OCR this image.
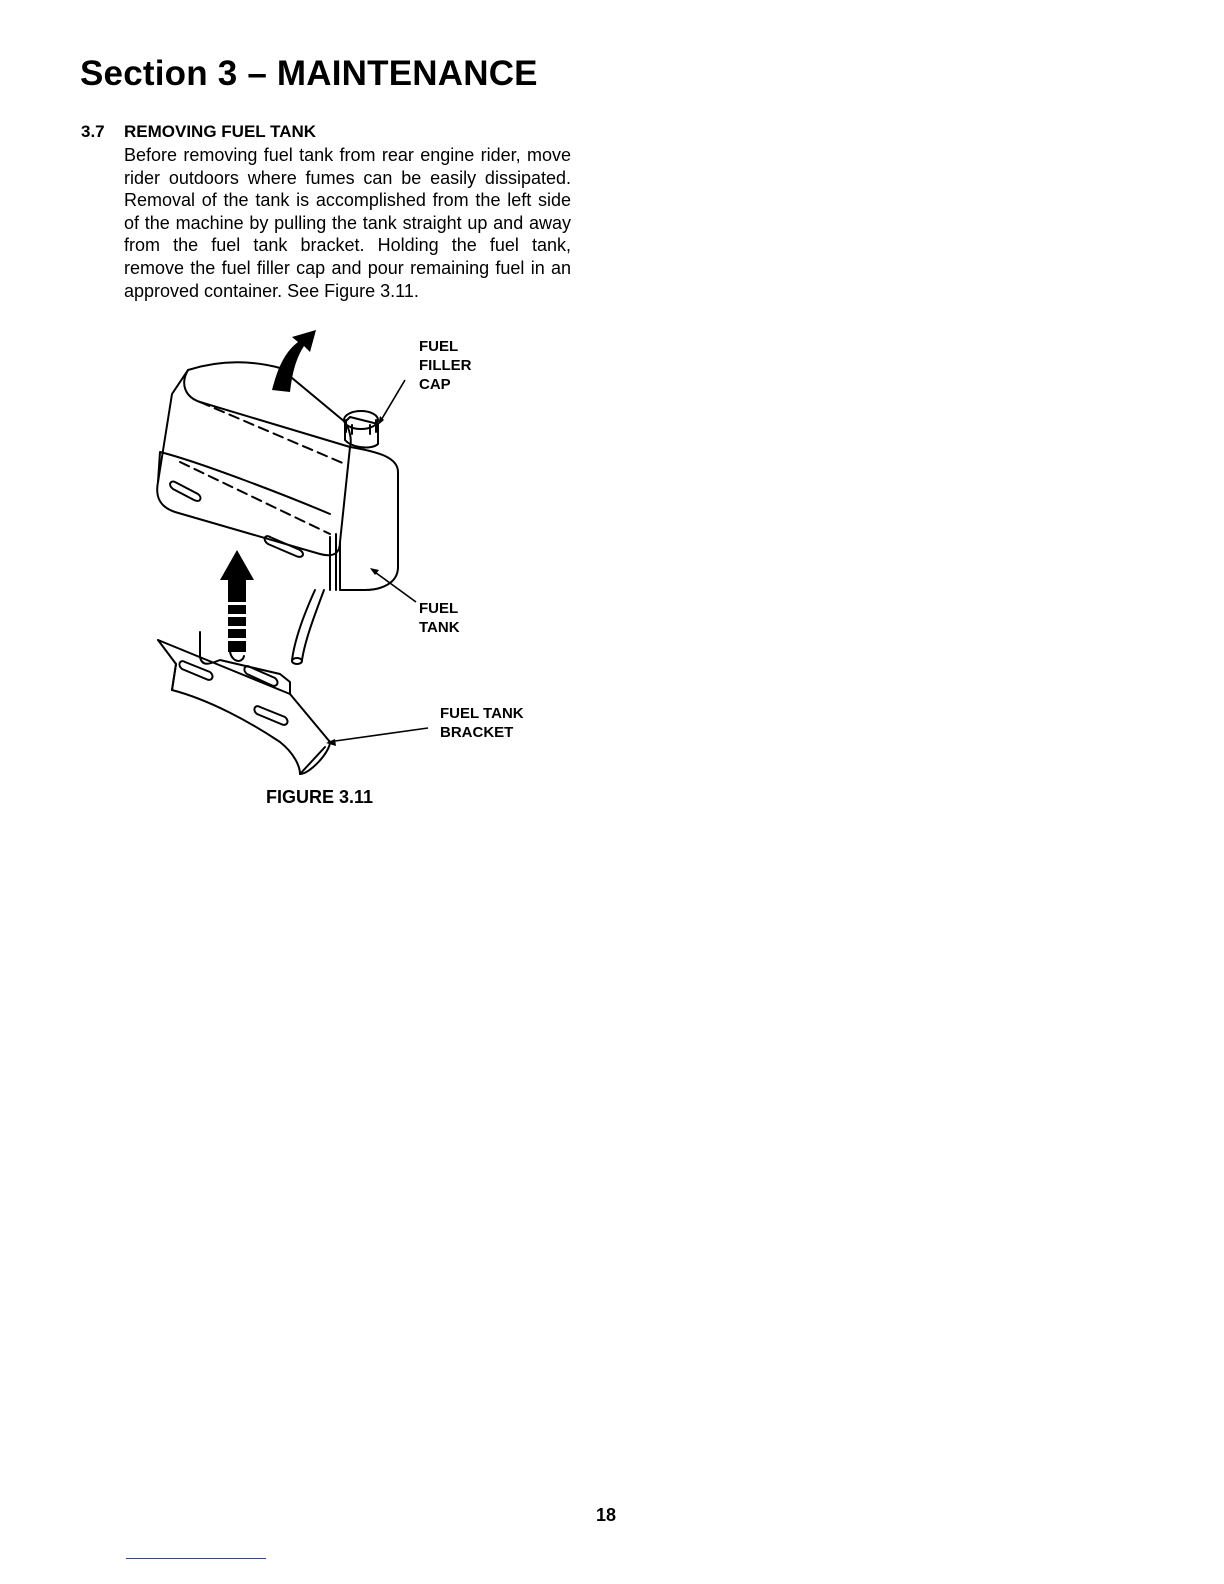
Section 3 – MAINTENANCE
3.7 REMOVING FUEL TANK

Before removing fuel tank from rear engine rider, move rider outdoors where fumes can be easily dissipated. Removal of the tank is accomplished from the left side of the machine by pulling the tank straight up and away from the fuel tank bracket. Holding the fuel tank, remove the fuel filler cap and pour remaining fuel in an approved container. See Figure 3.11.

FUEL
FILLER
CAP

FUEL
TANK

FUEL TANK
BRACKET

FIGURE 3.11

18
